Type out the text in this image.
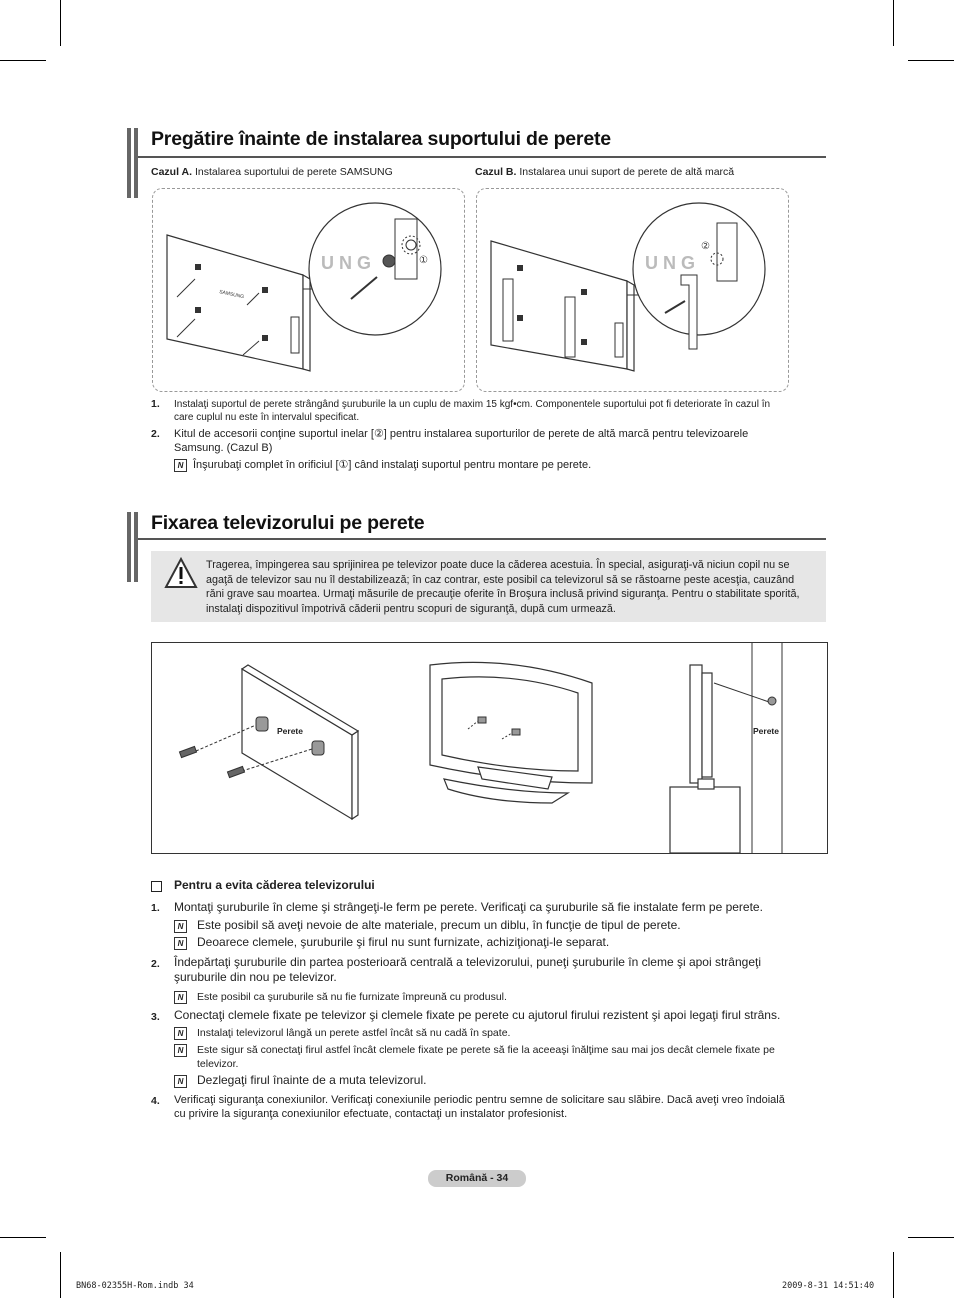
Pregătire înainte de instalarea suportului de perete
Cazul A. Instalarea suportului de perete SAMSUNG	Cazul B. Instalarea unui suport de perete de altă marcă
SAMSUNG
U N G	①	U N G
②
1. Instalaţi suportul de perete strângând şuruburile la un cuplu de maxim 15 kgf•cm. Componentele suportului pot fi deteriorate în cazul în
care cuplul nu este în intervalul specificat.
2. Kitul de accesorii conţine suportul inelar [②] pentru instalarea suporturilor de perete de altă marcă pentru televizoarele
Samsung. (Cazul B)
N Înşurubaţi complet în orificiul [①] când instalaţi suportul pentru montare pe perete.
Fixarea televizorului pe perete
Tragerea, împingerea sau sprijinirea pe televizor poate duce la căderea acestuia. În special, asiguraţi-vă niciun copil nu se
agaţă de televizor sau nu îl destabilizează; în caz contrar, este posibil ca televizorul să se răstoarne peste acesţia, cauzând
răni grave sau moartea. Urmaţi măsurile de precauţie oferite în Broşura inclusă privind siguranţa. Pentru o stabilitate sporită,
instalaţi dispozitivul împotrivă căderii pentru scopuri de siguranţă, după cum urmează.
Perete	Perete
Pentru a evita căderea televizorului
1. Montaţi şuruburile în cleme şi strângeţi-le ferm pe perete. Verificaţi ca şuruburile să fie instalate ferm pe perete.
N	Este posibil să aveţi nevoie de alte materiale, precum un diblu, în funcţie de tipul de perete.
N	Deoarece clemele, şuruburile şi firul nu sunt furnizate, achiziţionaţi-le separat.
2. Îndepărtaţi şuruburile din partea posterioară centrală a televizorului, puneţi şuruburile în cleme şi apoi strângeţi
şuruburile din nou pe televizor.
N	Este posibil ca şuruburile să nu fie furnizate împreună cu produsul.
3. Conectaţi clemele fixate pe televizor şi clemele fixate pe perete cu ajutorul firului rezistent şi apoi legaţi firul strâns.
N	Instalaţi televizorul lângă un perete astfel încât să nu cadă în spate.
N	Este sigur să conectaţi firul astfel încât clemele fixate pe perete să fie la aceeaşi înălţime sau mai jos decât clemele fixate pe
televizor.
N	Dezlegaţi firul înainte de a muta televizorul.
4. Verificaţi siguranţa conexiunilor. Verificaţi conexiunile periodic pentru semne de solicitare sau slăbire. Dacă aveţi vreo îndoială
cu privire la siguranţa conexiunilor efectuate, contactaţi un instalator profesionist.
Română - 34
BN68-02355H-Rom.indb 34	2009-8-31 14:51:40
